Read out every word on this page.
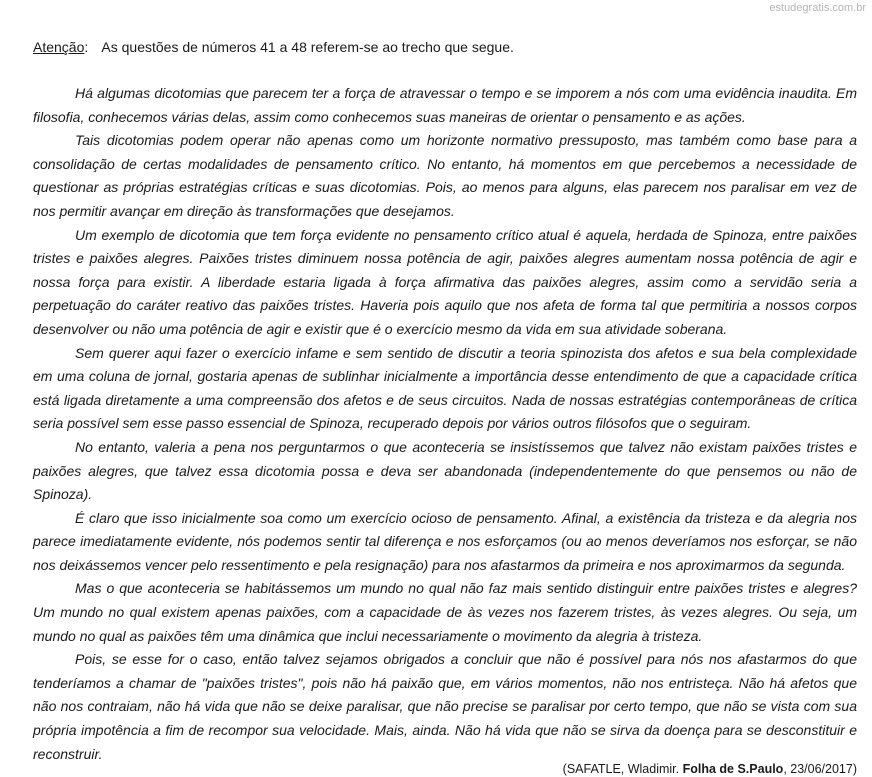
estudegratis.com.br
Atenção: As questões de números 41 a 48 referem-se ao trecho que segue.

Há algumas dicotomias que parecem ter a força de atravessar o tempo e se imporem a nós com uma evidência inaudita. Em filosofia, conhecemos várias delas, assim como conhecemos suas maneiras de orientar o pensamento e as ações.

Tais dicotomias podem operar não apenas como um horizonte normativo pressuposto, mas também como base para a consolidação de certas modalidades de pensamento crítico. No entanto, há momentos em que percebemos a necessidade de questionar as próprias estratégias críticas e suas dicotomias. Pois, ao menos para alguns, elas parecem nos paralisar em vez de nos permitir avançar em direção às transformações que desejamos.

Um exemplo de dicotomia que tem força evidente no pensamento crítico atual é aquela, herdada de Spinoza, entre paixões tristes e paixões alegres. Paixões tristes diminuem nossa potência de agir, paixões alegres aumentam nossa potência de agir e nossa força para existir. A liberdade estaria ligada à força afirmativa das paixões alegres, assim como a servidão seria a perpetuação do caráter reativo das paixões tristes. Haveria pois aquilo que nos afeta de forma tal que permitiria a nossos corpos desenvolver ou não uma potência de agir e existir que é o exercício mesmo da vida em sua atividade soberana.

Sem querer aqui fazer o exercício infame e sem sentido de discutir a teoria spinozista dos afetos e sua bela complexidade em uma coluna de jornal, gostaria apenas de sublinhar inicialmente a importância desse entendimento de que a capacidade crítica está ligada diretamente a uma compreensão dos afetos e de seus circuitos. Nada de nossas estratégias contemporâneas de crítica seria possível sem esse passo essencial de Spinoza, recuperado depois por vários outros filósofos que o seguiram.

No entanto, valeria a pena nos perguntarmos o que aconteceria se insistíssemos que talvez não existam paixões tristes e paixões alegres, que talvez essa dicotomia possa e deva ser abandonada (independentemente do que pensemos ou não de Spinoza).

É claro que isso inicialmente soa como um exercício ocioso de pensamento. Afinal, a existência da tristeza e da alegria nos parece imediatamente evidente, nós podemos sentir tal diferença e nos esforçamos (ou ao menos deveríamos nos esforçar, se não nos deixássemos vencer pelo ressentimento e pela resignação) para nos afastarmos da primeira e nos aproximarmos da segunda.

Mas o que aconteceria se habitássemos um mundo no qual não faz mais sentido distinguir entre paixões tristes e alegres? Um mundo no qual existem apenas paixões, com a capacidade de às vezes nos fazerem tristes, às vezes alegres. Ou seja, um mundo no qual as paixões têm uma dinâmica que inclui necessariamente o movimento da alegria à tristeza.

Pois, se esse for o caso, então talvez sejamos obrigados a concluir que não é possível para nós nos afastarmos do que tenderíamos a chamar de "paixões tristes", pois não há paixão que, em vários momentos, não nos entristeça. Não há afetos que não nos contraiam, não há vida que não se deixe paralisar, que não precise se paralisar por certo tempo, que não se vista com sua própria impotência a fim de recompor sua velocidade. Mais, ainda. Não há vida que não se sirva da doença para se desconstituir e reconstruir.

(SAFATLE, Wladimir. Folha de S.Paulo, 23/06/2017)
